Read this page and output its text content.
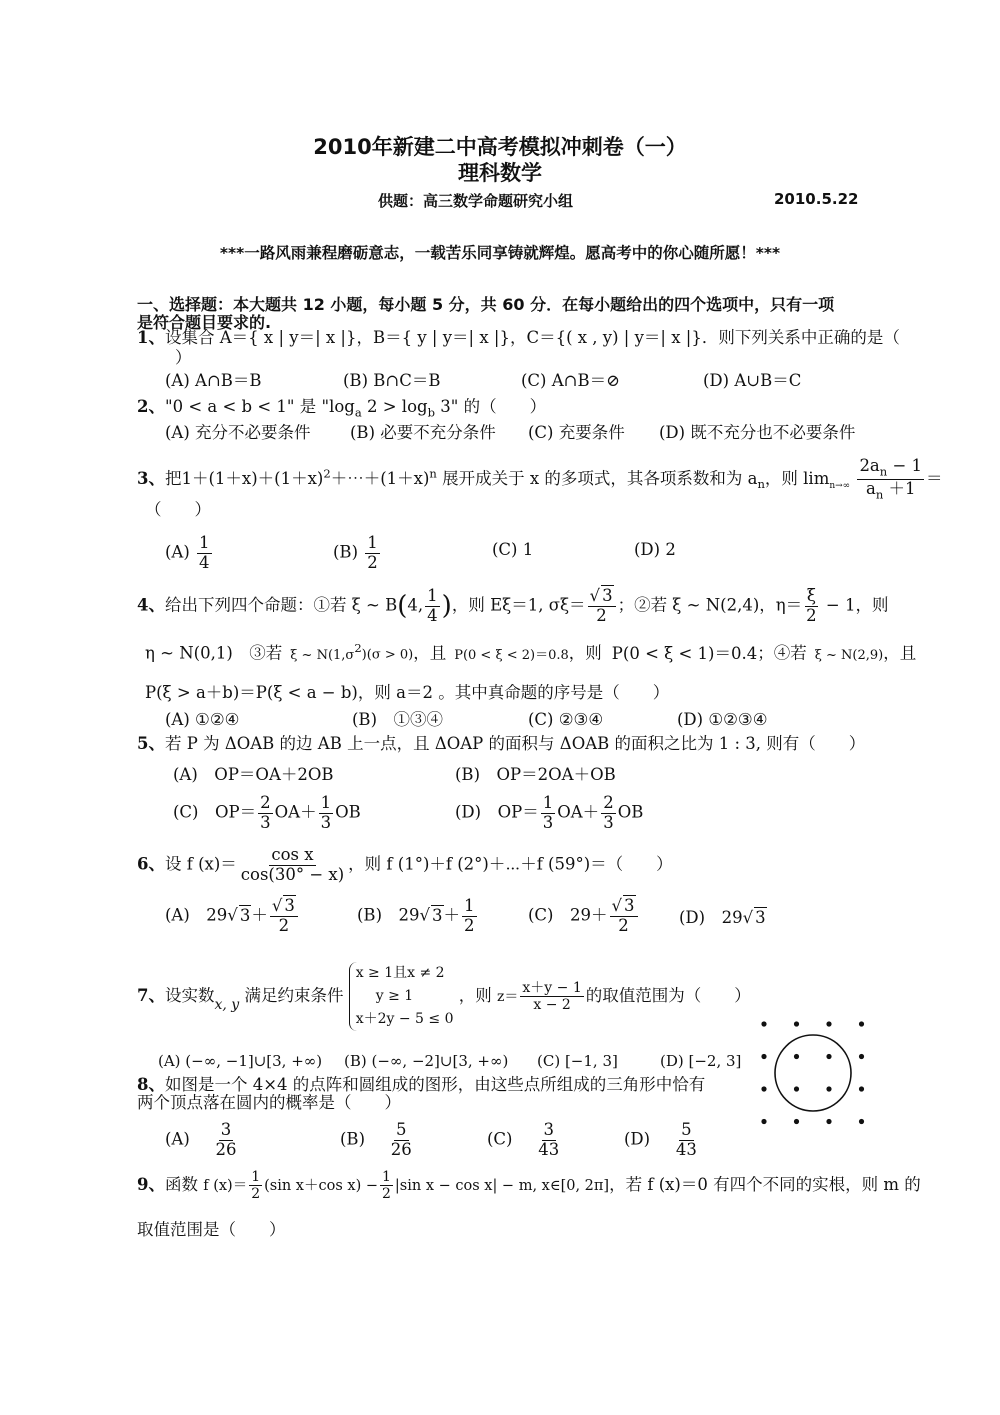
2010年新建二中高考模拟冲刺卷（一）
理科数学
供题：高三数学命题研究小组	2010.5.22
***一路风雨兼程磨砺意志，一载苦乐同享铸就辉煌。愿高考中的你心随所愿！***
一、选择题：本大题共 12 小题，每小题 5 分，共 60 分．在每小题给出的四个选项中，只有一项
是符合题目要求的.
1、设集合 A＝{ x | y＝| x |}，B＝{ y | y＝| x |}，C＝{( x , y) | y＝| x |}．则下列关系中正确的是（
）
(A) A∩B＝B	(B) B∩C＝B	(C) A∩B＝⊘	(D) A∪B＝C
2、"0 < a < b < 1" 是 "$\log_a$ $2 > \log_b 3$" 的（　　）
(A) 充分不必要条件 (B) 必要不充分条件 (C) 充要条件 (D) 既不充分也不必要条件
3、把$1+(1+x)+(1+x)^2+\cdots+(1+x)^n$ 展开成关于 x 的多项式，其各项系数和为 $a_n$，则 $\lim_{n\to\infty} \frac{2a_n - 1}{a_n +1}$ ＝
（　　）
$(A) \frac{1}{4}$	$(B) \frac{1}{2}$	(C) 1	(D) 2
4、给出下列四个命题：①若 ξ ~ B(4, $\frac{1}{4}$ )，则 Eξ＝1, $\sigma\xi= \frac{√ 3}{2}$ ；②若 ξ ~ N(2,4)，$\eta= \frac{\xi}{2} - 1$，则
η ~ N(0,1)　③若 ξ ~ $N(1,\sigma^2)(\sigma > 0)$，且 P(0 < ξ < 2)＝0.8，则 P(0 < ξ < 1)＝0.4；④若 ξ ~ N(2,9)，且
P(ξ > a＋b)＝P(ξ < a − b)，则 a＝2 。其中真命题的序号是（　　）
(A) ①②④	(B)　①③④	(C) ②③④	(D) ①②③④
5、若 P 为 ΔOAB 的边 AB 上一点，且 ΔOAP 的面积与 ΔOAB 的面积之比为 1 : 3, 则有（　　）
(A)　OP＝OA＋2OB	(B)　OP＝2OA＋OB
(C)　$OP= \frac{2}{3} OA+ \frac{1}{3}$ OB	(D)　$OP= \frac{1}{3} OA+ \frac{2}{3}$ OB
6、设 f $(x)= \frac{\text{cos x}}{\cos(30^\circ - x)}$ ，则 f (1°)＋f (2°)＋⋯＋f (59°)＝（　　）
(A)　 29√ $3+ \frac{√ 3}{2}$	(B)　 29√ $3+ \frac{1}{2}$	(C)　 $29+ \frac{√ 3}{2}$	(D)　 29√ 3
7、设实数$_{x, y}$ 满足约束条件
x ≥ 1且x ≠ 2
y ≥ 1
x＋2y − 5 ≤ 0
，则 $z= \frac{x+y - 1}{x - 2}$ 的取值范围为（　　）
(A) (−∞, −1]∪[3, +∞) (B) (−∞, −2]∪[3, +∞) (C) [−1, 3]	(D) [−2, 3]
8、如图是一个 4×4 的点阵和圆组成的图形，由这些点所组成的三角形中恰有
两个顶点落在圆内的概率是（　　）
(A)　 $\frac{3}{26}$	(B)　 $\frac{5}{26}$	(C)　 $\frac{3}{43}$	(D)　 $\frac{5}{43}$
9、函数 f $(x)= \frac{1}{2} (\sin$ x＋cos $x) - \frac{1}{2} |\sin$ x − cos x| − m, x∈[0, 2π]，若 f (x)＝0 有四个不同的实根，则 m 的
取值范围是（　　）
